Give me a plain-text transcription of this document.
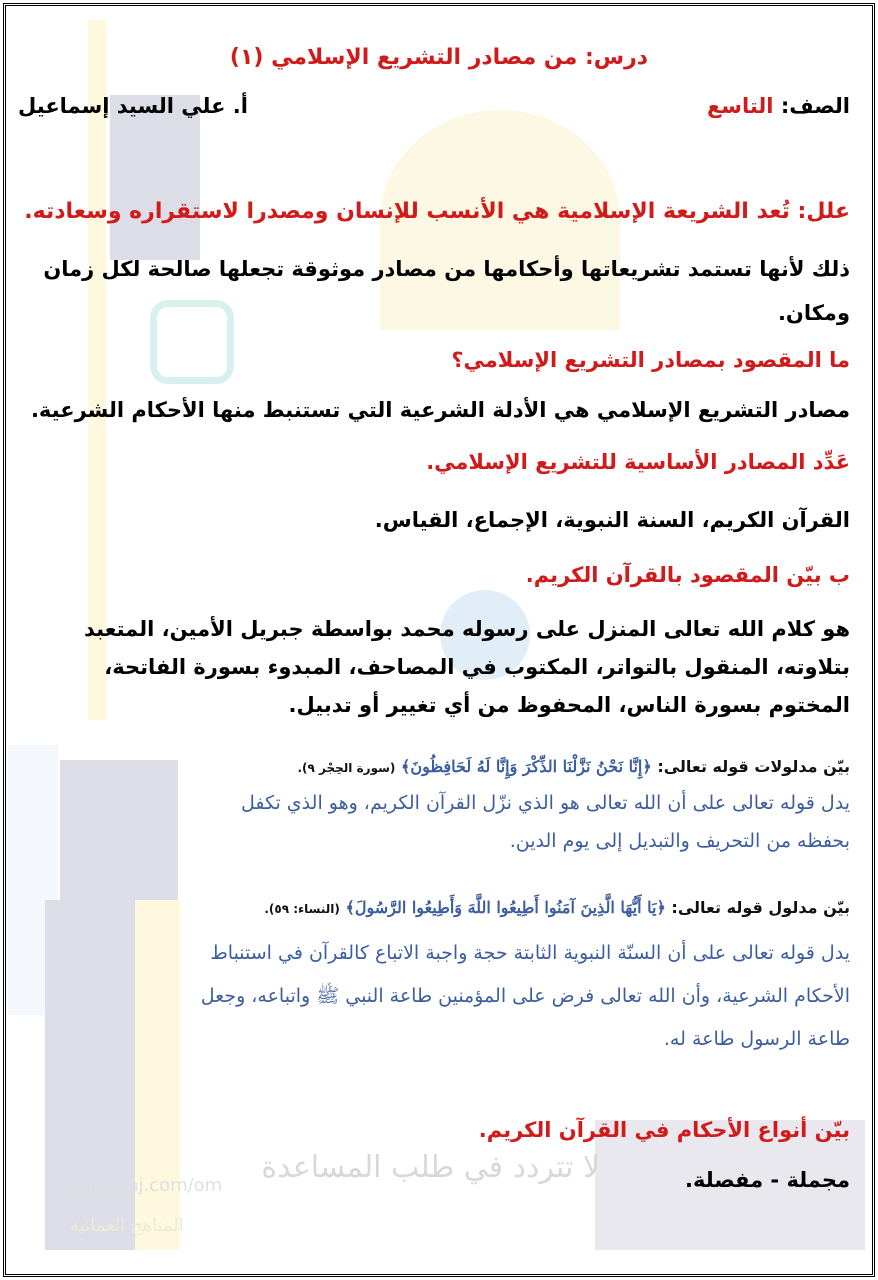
لا تتردد في طلب المساعدة
almanahj.com/om
المناهج العمانية
درس: من مصادر التشريع الإسلامي (١)
الصف: التاسع
أ. علي السيد إسماعيل
علل: تُعد الشريعة الإسلامية هي الأنسب للإنسان ومصدرا لاستقراره وسعادته.
ذلك لأنها تستمد تشريعاتها وأحكامها من مصادر موثوقة تجعلها صالحة لكل زمان ومكان.
ما المقصود بمصادر التشريع الإسلامي؟
مصادر التشريع الإسلامي هي الأدلة الشرعية التي تستنبط منها الأحكام الشرعية.
عَدِّد المصادر الأساسية للتشريع الإسلامي.
القرآن الكريم، السنة النبوية، الإجماع، القياس.
ب بيّن المقصود بالقرآن الكريم.
هو كلام الله تعالى المنزل على رسوله محمد بواسطة جبريل الأمين، المتعبد بتلاوته، المنقول بالتواتر، المكتوب في المصاحف، المبدوء بسورة الفاتحة، المختوم بسورة الناس، المحفوظ من أي تغيير أو تدبيل.
بيّن مدلولات قوله تعالى: ﴿إِنَّا نَحْنُ نَزَّلْنَا الذِّكْرَ وَإِنَّا لَهُ لَحَافِظُونَ﴾ (سورة الحِجْر ٩).
يدل قوله تعالى على أن الله تعالى هو الذي نزّل القرآن الكريم، وهو الذي تكفل بحفظه من التحريف والتبديل إلى يوم الدين.
بيّن مدلول قوله تعالى: ﴿يَا أَيُّهَا الَّذِينَ آمَنُوا أَطِيعُوا اللَّهَ وَأَطِيعُوا الرَّسُولَ﴾ (النساء: ٥٩).
يدل قوله تعالى على أن السنّة النبوية الثابتة حجة واجبة الاتباع كالقرآن في استنباط الأحكام الشرعية، وأن الله تعالى فرض على المؤمنين طاعة النبي ﷺ واتباعه، وجعل طاعة الرسول طاعة له.
بيّن أنواع الأحكام في القرآن الكريم.
مجملة - مفصلة.
